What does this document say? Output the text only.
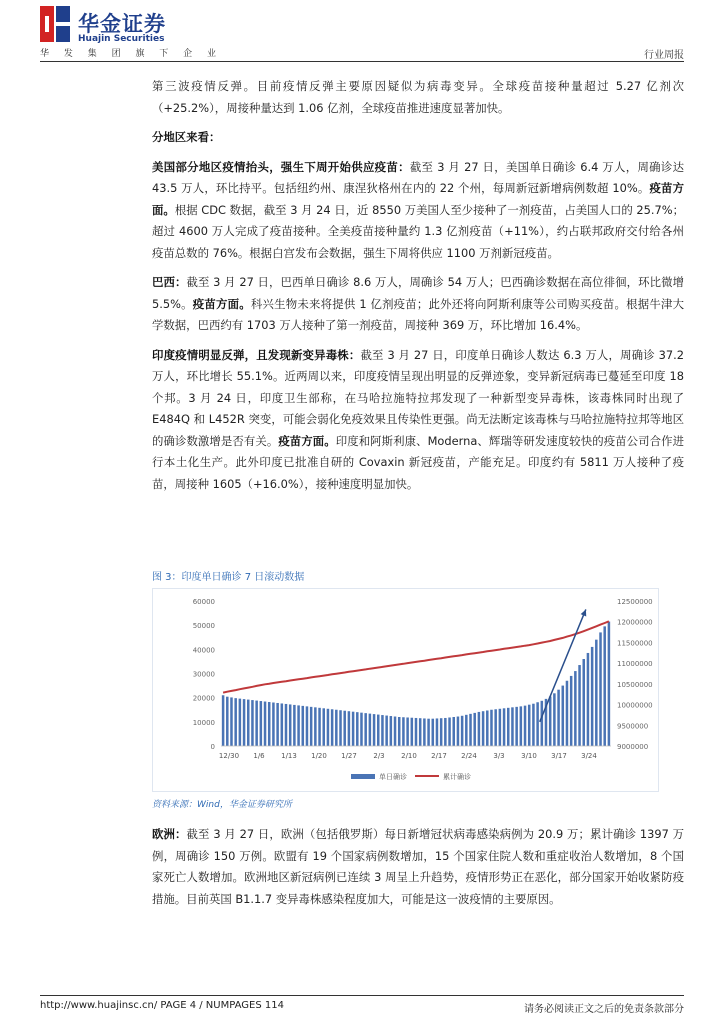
华金证券
Huajin Securities
华 发 集 团 旗 下 企 业	行业周报

第三波疫情反弹。目前疫情反弹主要原因疑似为病毒变异。全球疫苗接种量超过 5.27 亿剂次（+25.2%），周接种量达到 1.06 亿剂，全球疫苗推进速度显著加快。

分地区来看：

美国部分地区疫情抬头，强生下周开始供应疫苗：截至 3 月 27 日，美国单日确诊 6.4 万人，周确诊达 43.5 万人，环比持平。包括纽约州、康涅狄格州在内的 22 个州，每周新冠新增病例数超 10%。疫苗方面。根据 CDC 数据，截至 3 月 24 日，近 8550 万美国人至少接种了一剂疫苗，占美国人口的 25.7%；超过 4600 万人完成了疫苗接种。全美疫苗接种量约 1.3 亿剂疫苗（+11%），约占联邦政府交付给各州疫苗总数的 76%。根据白宫发布会数据，强生下周将供应 1100 万剂新冠疫苗。

巴西：截至 3 月 27 日，巴西单日确诊 8.6 万人，周确诊 54 万人；巴西确诊数据在高位徘徊，环比微增 5.5%。疫苗方面。科兴生物未来将提供 1 亿剂疫苗；此外还将向阿斯利康等公司购买疫苗。根据牛津大学数据，巴西约有 1703 万人接种了第一剂疫苗，周接种 369 万，环比增加 16.4%。

印度疫情明显反弹，且发现新变异毒株：截至 3 月 27 日，印度单日确诊人数达 6.3 万人，周确诊 37.2 万人，环比增长 55.1%。近两周以来，印度疫情呈现出明显的反弹迹象，变异新冠病毒已蔓延至印度 18 个邦。3 月 24 日，印度卫生部称，在马哈拉施特拉邦发现了一种新型变异毒株，该毒株同时出现了 E484Q 和 L452R 突变，可能会弱化免疫效果且传染性更强。尚无法断定该毒株与马哈拉施特拉邦等地区的确诊数激增是否有关。疫苗方面。印度和阿斯利康、Moderna、辉瑞等研发速度较快的疫苗公司合作进行本土化生产。此外印度已批准自研的 Covaxin 新冠疫苗，产能充足。印度约有 5811 万人接种了疫苗，周接种 1605（+16.0%），接种速度明显加快。

图 3：印度单日确诊 7 日滚动数据
0
10000
20000
30000
40000
50000
60000
9000000
9500000
10000000
10500000
11000000
11500000
12000000
12500000
12/30 1/6 1/13 1/20 1/27 2/3 2/10 2/17 2/24 3/3 3/10 3/17 3/24
单日确诊	累计确诊
资料来源：Wind，华金证券研究所

欧洲：截至 3 月 27 日，欧洲（包括俄罗斯）每日新增冠状病毒感染病例为 20.9 万；累计确诊 1397 万例，周确诊 150 万例。欧盟有 19 个国家病例数增加，15 个国家住院人数和重症收治人数增加，8 个国家死亡人数增加。欧洲地区新冠病例已连续 3 周呈上升趋势，疫情形势正在恶化，部分国家开始收紧防疫措施。目前英国 B1.1.7 变异毒株感染程度加大，可能是这一波疫情的主要原因。

http://www.huajinsc.cn/ PAGE 4 / NUMPAGES 114	请务必阅读正文之后的免责条款部分
